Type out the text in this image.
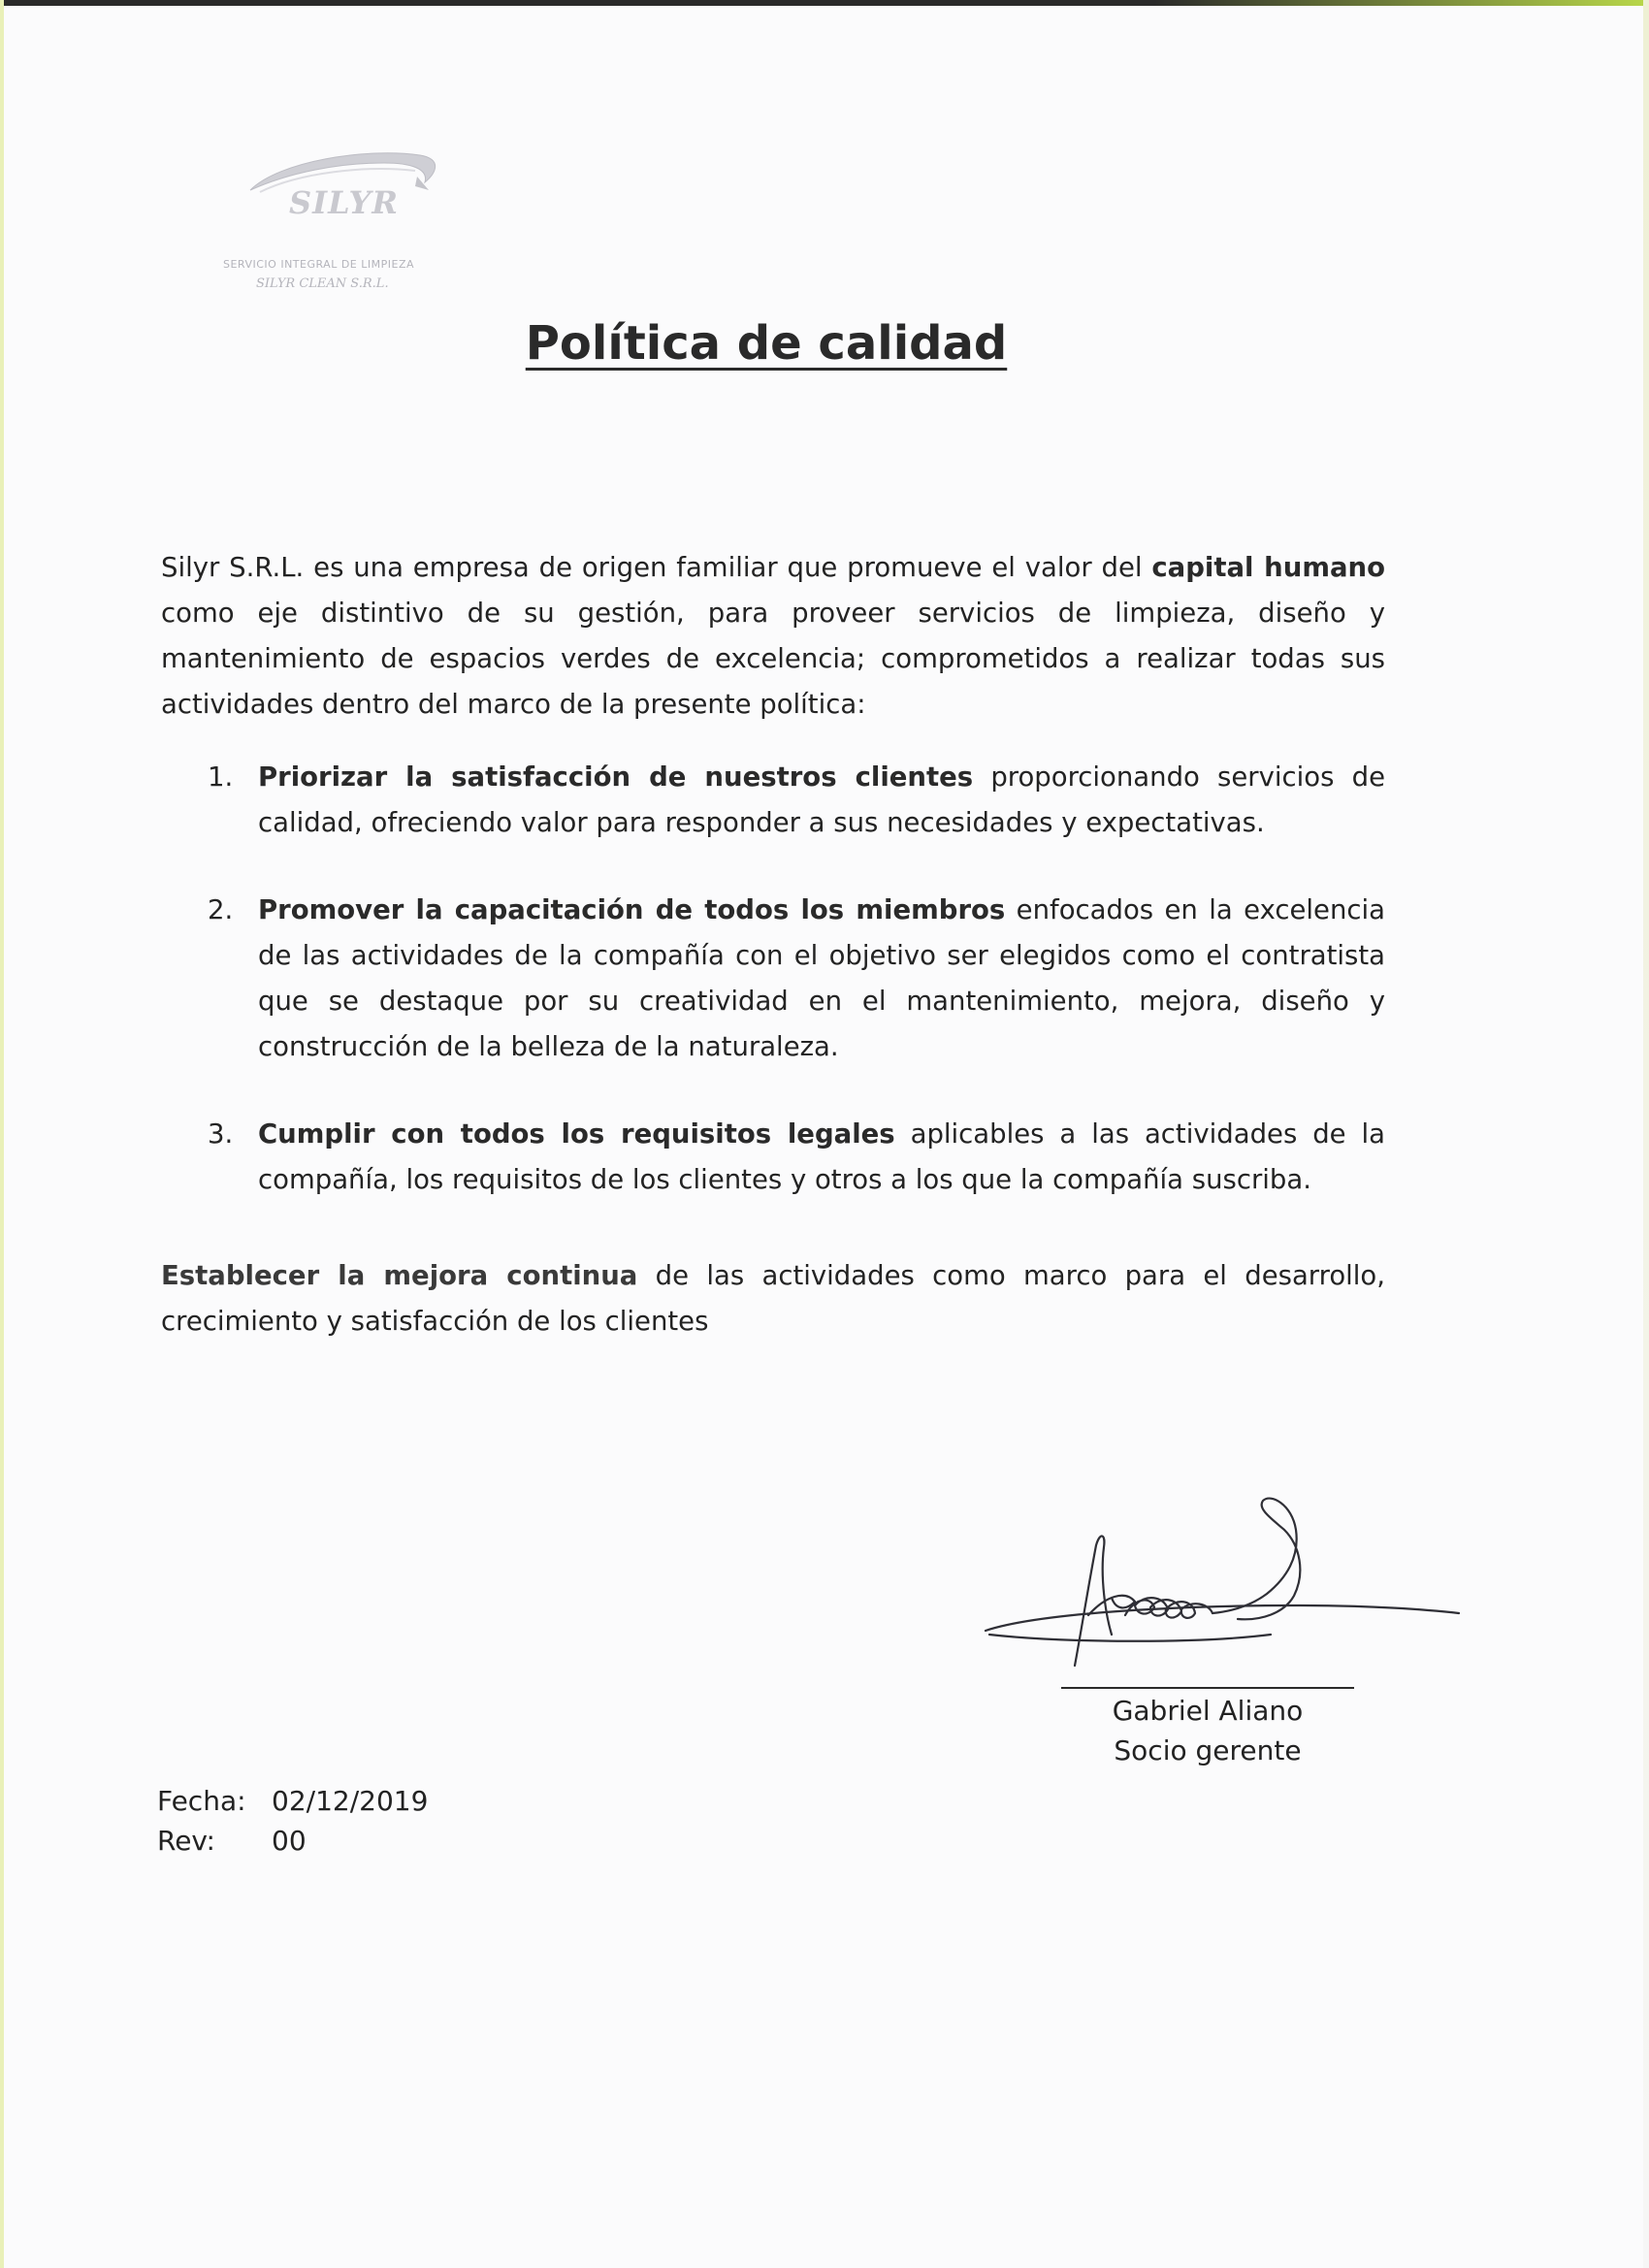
SILYR
SERVICIO INTEGRAL DE LIMPIEZA
SILYR CLEAN S.R.L.
Política de calidad

Silyr S.R.L. es una empresa de origen familiar que promueve el valor del capital humano como eje distintivo de su gestión, para proveer servicios de limpieza, diseño y mantenimiento de espacios verdes de excelencia; comprometidos a realizar todas sus actividades dentro del marco de la presente política:

1. Priorizar la satisfacción de nuestros clientes proporcionando servicios de calidad, ofreciendo valor para responder a sus necesidades y expectativas.
2. Promover la capacitación de todos los miembros enfocados en la excelencia de las actividades de la compañía con el objetivo ser elegidos como el contratista que se destaque por su creatividad en el mantenimiento, mejora, diseño y construcción de la belleza de la naturaleza.
3. Cumplir con todos los requisitos legales aplicables a las actividades de la compañía, los requisitos de los clientes y otros a los que la compañía suscriba.

Establecer la mejora continua de las actividades como marco para el desarrollo, crecimiento y satisfacción de los clientes

Gabriel Aliano
Socio gerente
Fecha: 02/12/2019
Rev:	00
